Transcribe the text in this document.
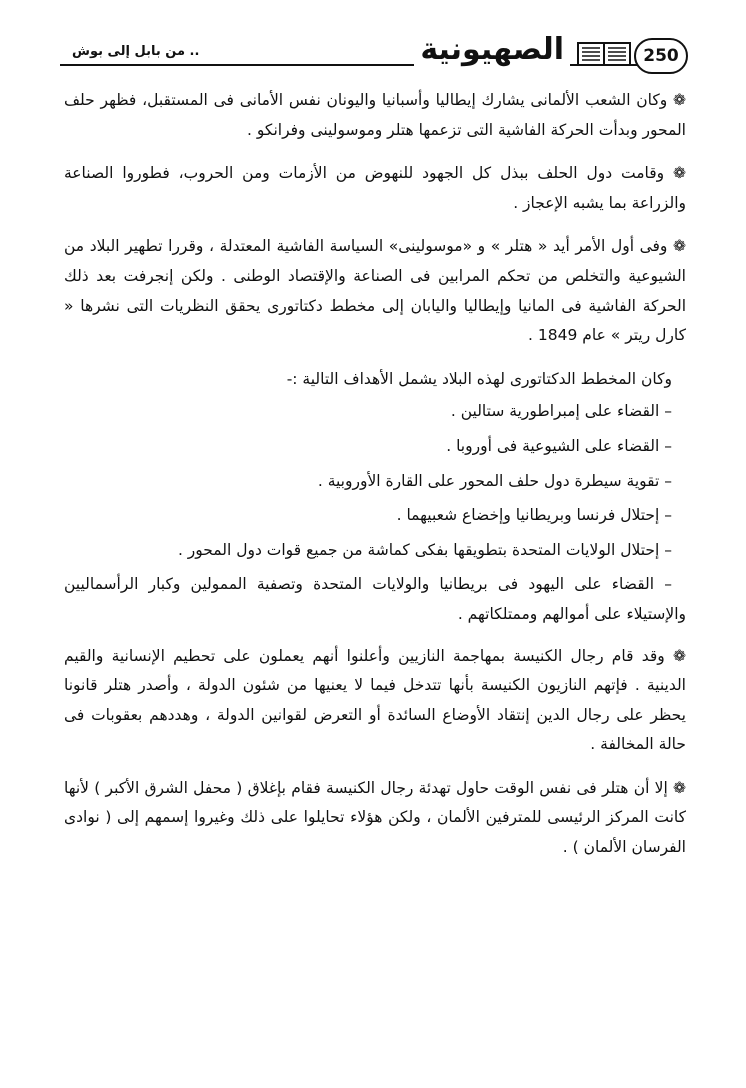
.. من بابل إلى بوش	الصهيونية	250

❁ وكان الشعب الألمانى يشارك إيطاليا وأسبانيا واليونان نفس الأمانى فى المستقبل، فظهر حلف المحور وبدأت الحركة الفاشية التى تزعمها هتلر وموسولينى وفرانكو .

❁ وقامت دول الحلف ببذل كل الجهود للنهوض من الأزمات ومن الحروب، فطوروا الصناعة والزراعة بما يشبه الإعجاز .

❁ وفى أول الأمر أيد « هتلر » و «موسولينى» السياسة الفاشية المعتدلة ، وقررا تطهير البلاد من الشيوعية والتخلص من تحكم المرابين فى الصناعة والإقتصاد الوطنى . ولكن إنجرفت بعد ذلك الحركة الفاشية فى المانيا وإيطاليا واليابان إلى مخطط دكتاتورى يحقق النظريات التى نشرها « كارل ريتر » عام 1849 .

وكان المخطط الدكتاتورى لهذه البلاد يشمل الأهداف التالية :-

– القضاء على إمبراطورية ستالين .
– القضاء على الشيوعية فى أوروبا .
– تقوية سيطرة دول حلف المحور على القارة الأوروبية .
– إحتلال فرنسا وبريطانيا وإخضاع شعبيهما .
– إحتلال الولايات المتحدة بتطويقها بفكى كماشة من جميع قوات دول المحور .
– القضاء على اليهود فى بريطانيا والولايات المتحدة وتصفية الممولين وكبار الرأسماليين والإستيلاء على أموالهم وممتلكاتهم .

❁ وقد قام رجال الكنيسة بمهاجمة النازيين وأعلنوا أنهم يعملون على تحطيم الإنسانية والقيم الدينية . فإتهم النازيون الكنيسة بأنها تتدخل فيما لا يعنيها من شئون الدولة ، وأصدر هتلر قانونا يحظر على رجال الدين إنتقاد الأوضاع السائدة أو التعرض لقوانين الدولة ، وهددهم بعقوبات فى حالة المخالفة .

❁ إلا أن هتلر فى نفس الوقت حاول تهدئة رجال الكنيسة فقام بإغلاق ( محفل الشرق الأكبر ) لأنها كانت المركز الرئيسى للمترفين الألمان ، ولكن هؤلاء تحايلوا على ذلك وغيروا إسمهم إلى ( نوادى الفرسان الألمان ) .
